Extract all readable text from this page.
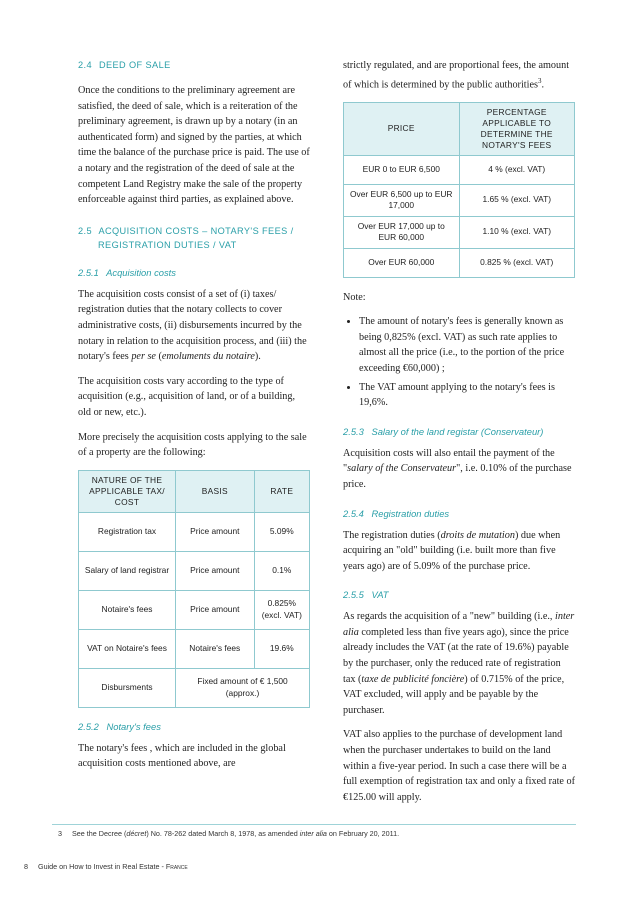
2.4 DEED OF SALE

Once the conditions to the preliminary agreement are satisfied, the deed of sale, which is a reiteration of the preliminary agreement, is drawn up by a notary (in an authenticated form) and signed by the parties, at which time the balance of the purchase price is paid. The use of a notary and the registration of the deed of sale at the competent Land Registry make the sale of the property enforceable against third parties, as explained above.

2.5 ACQUISITION COSTS – NOTARY'S FEES / REGISTRATION DUTIES / VAT
2.5.1 Acquisition costs

The acquisition costs consist of a set of (i) taxes/ registration duties that the notary collects to cover administrative costs, (ii) disbursements incurred by the notary in relation to the acquisition process, and (iii) the notary's fees per se (emoluments du notaire).

The acquisition costs vary according to the type of acquisition (e.g., acquisition of land, or of a building, old or new, etc.).

More precisely the acquisition costs applying to the sale of a property are the following:

NATURE OF THE APPLICABLE TAX/ COST	BASIS	RATE
Registration tax	Price amount	5.09%
Salary of land registrar	Price amount	0.1%
Notaire's fees	Price amount	0.825% (excl. VAT)
VAT on Notaire's fees	Notaire's fees	19.6%
Disbursments	Fixed amount of € 1,500 (approx.)	
2.5.2 Notary's fees

The notary's fees , which are included in the global acquisition costs mentioned above, are

strictly regulated, and are proportional fees, the amount of which is determined by the public authorities$^3$.

PRICE	PERCENTAGE APPLICABLE TO DETERMINE THE NOTARY'S FEES
EUR 0 to EUR 6,500	4 % (excl. VAT)
Over EUR 6,500 up to EUR 17,000	1.65 % (excl. VAT)
Over EUR 17,000 up to EUR 60,000	1.10 % (excl. VAT)
Over EUR 60,000	0.825 % (excl. VAT)

Note:

• The amount of notary's fees is generally known as being 0,825% (excl. VAT) as such rate applies to almost all the price (i.e., to the portion of the price exceeding €60,000) ;
• The VAT amount applying to the notary's fees is 19,6%.
2.5.3 Salary of the land registar (Conservateur)

Acquisition costs will also entail the payment of the "salary of the Conservateur", i.e. 0.10% of the purchase price.

2.5.4 Registration duties

The registration duties (droits de mutation) due when acquiring an "old" building (i.e. built more than five years ago) are of 5.09% of the purchase price.

2.5.5 VAT

As regards the acquisition of a "new" building (i.e., inter alia completed less than five years ago), since the price already includes the VAT (at the rate of 19.6%) payable by the purchaser, only the reduced rate of registration tax (taxe de publicité foncière) of 0.715% of the price, VAT excluded, will apply and be payable by the purchaser.

VAT also applies to the purchase of development land when the purchaser undertakes to build on the land within a five-year period. In such a case there will be a full exemption of registration tax and only a fixed rate of €125.00 will apply.

3 See the Decree (décret) No. 78-262 dated March 8, 1978, as amended inter alia on February 20, 2011.
8 Guide on How to Invest in Real Estate - France
